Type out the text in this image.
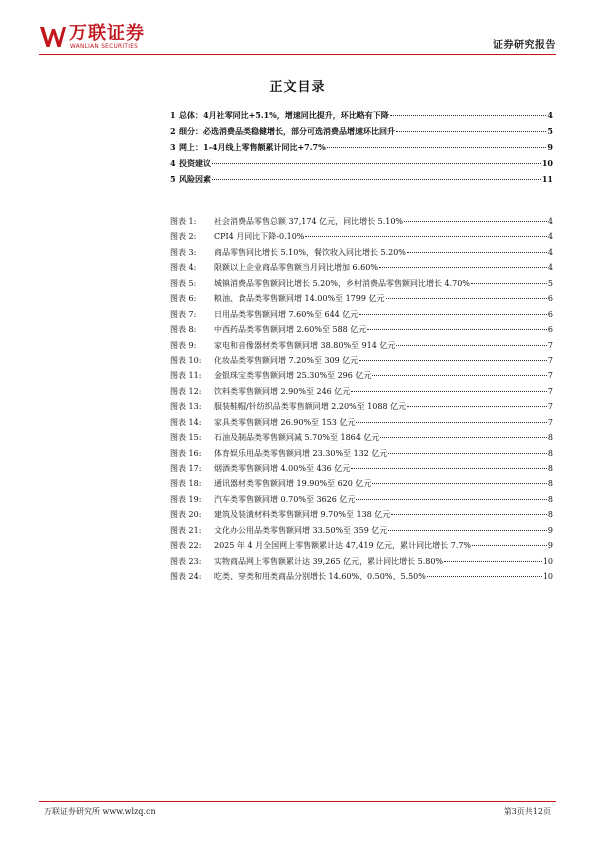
万联证券
WANLIAN SECURITIES	证券研究报告
正文目录
1 总体：4月社零同比+5.1%，增速同比提升，环比略有下降	4
2 细分：必选消费品类稳健增长，部分可选消费品增速环比回升	5
3 网上：1-4月线上零售额累计同比+7.7%	9
4 投资建议	10
5 风险因素	11
图表 1:	社会消费品零售总额 37,174 亿元，同比增长 5.10%	4
图表 2:	CPI4 月同比下降-0.10%	4
图表 3:	商品零售同比增长 5.10%，餐饮收入同比增长 5.20%	4
图表 4:	限额以上企业商品零售额当月同比增加 6.60%	4
图表 5:	城镇消费品零售额同比增长 5.20%，乡村消费品零售额同比增长 4.70%	5
图表 6:	粮油、食品类零售额同增 14.00%至 1799 亿元	6
图表 7:	日用品类零售额同增 7.60%至 644 亿元	6
图表 8:	中西药品类零售额同增 2.60%至 588 亿元	6
图表 9:	家电和音像器材类零售额同增 38.80%至 914 亿元	7
图表 10:	化妆品类零售额同增 7.20%至 309 亿元	7
图表 11:	金银珠宝类零售额同增 25.30%至 296 亿元	7
图表 12:	饮料类零售额同增 2.90%至 246 亿元	7
图表 13:	服装鞋帽/针纺织品类零售额同增 2.20%至 1088 亿元	7
图表 14:	家具类零售额同增 26.90%至 153 亿元	7
图表 15:	石油及制品类零售额同减 5.70%至 1864 亿元	8
图表 16:	体育娱乐用品类零售额同增 23.30%至 132 亿元	8
图表 17:	烟酒类零售额同增 4.00%至 436 亿元	8
图表 18:	通讯器材类零售额同增 19.90%至 620 亿元	8
图表 19:	汽车类零售额同增 0.70%至 3626 亿元	8
图表 20:	建筑及装潢材料类零售额同增 9.70%至 138 亿元	8
图表 21:	文化办公用品类零售额同增 33.50%至 359 亿元	9
图表 22:	2025 年 4 月全国网上零售额累计达 47,419 亿元，累计同比增长 7.7%	9
图表 23:	实物商品网上零售额累计达 39,265 亿元，累计同比增长 5.80%	10
图表 24:	吃类、穿类和用类商品分别增长 14.60%、0.50%、5.50%	10
万联证券研究所 www.wlzq.cn	第3页共12页
